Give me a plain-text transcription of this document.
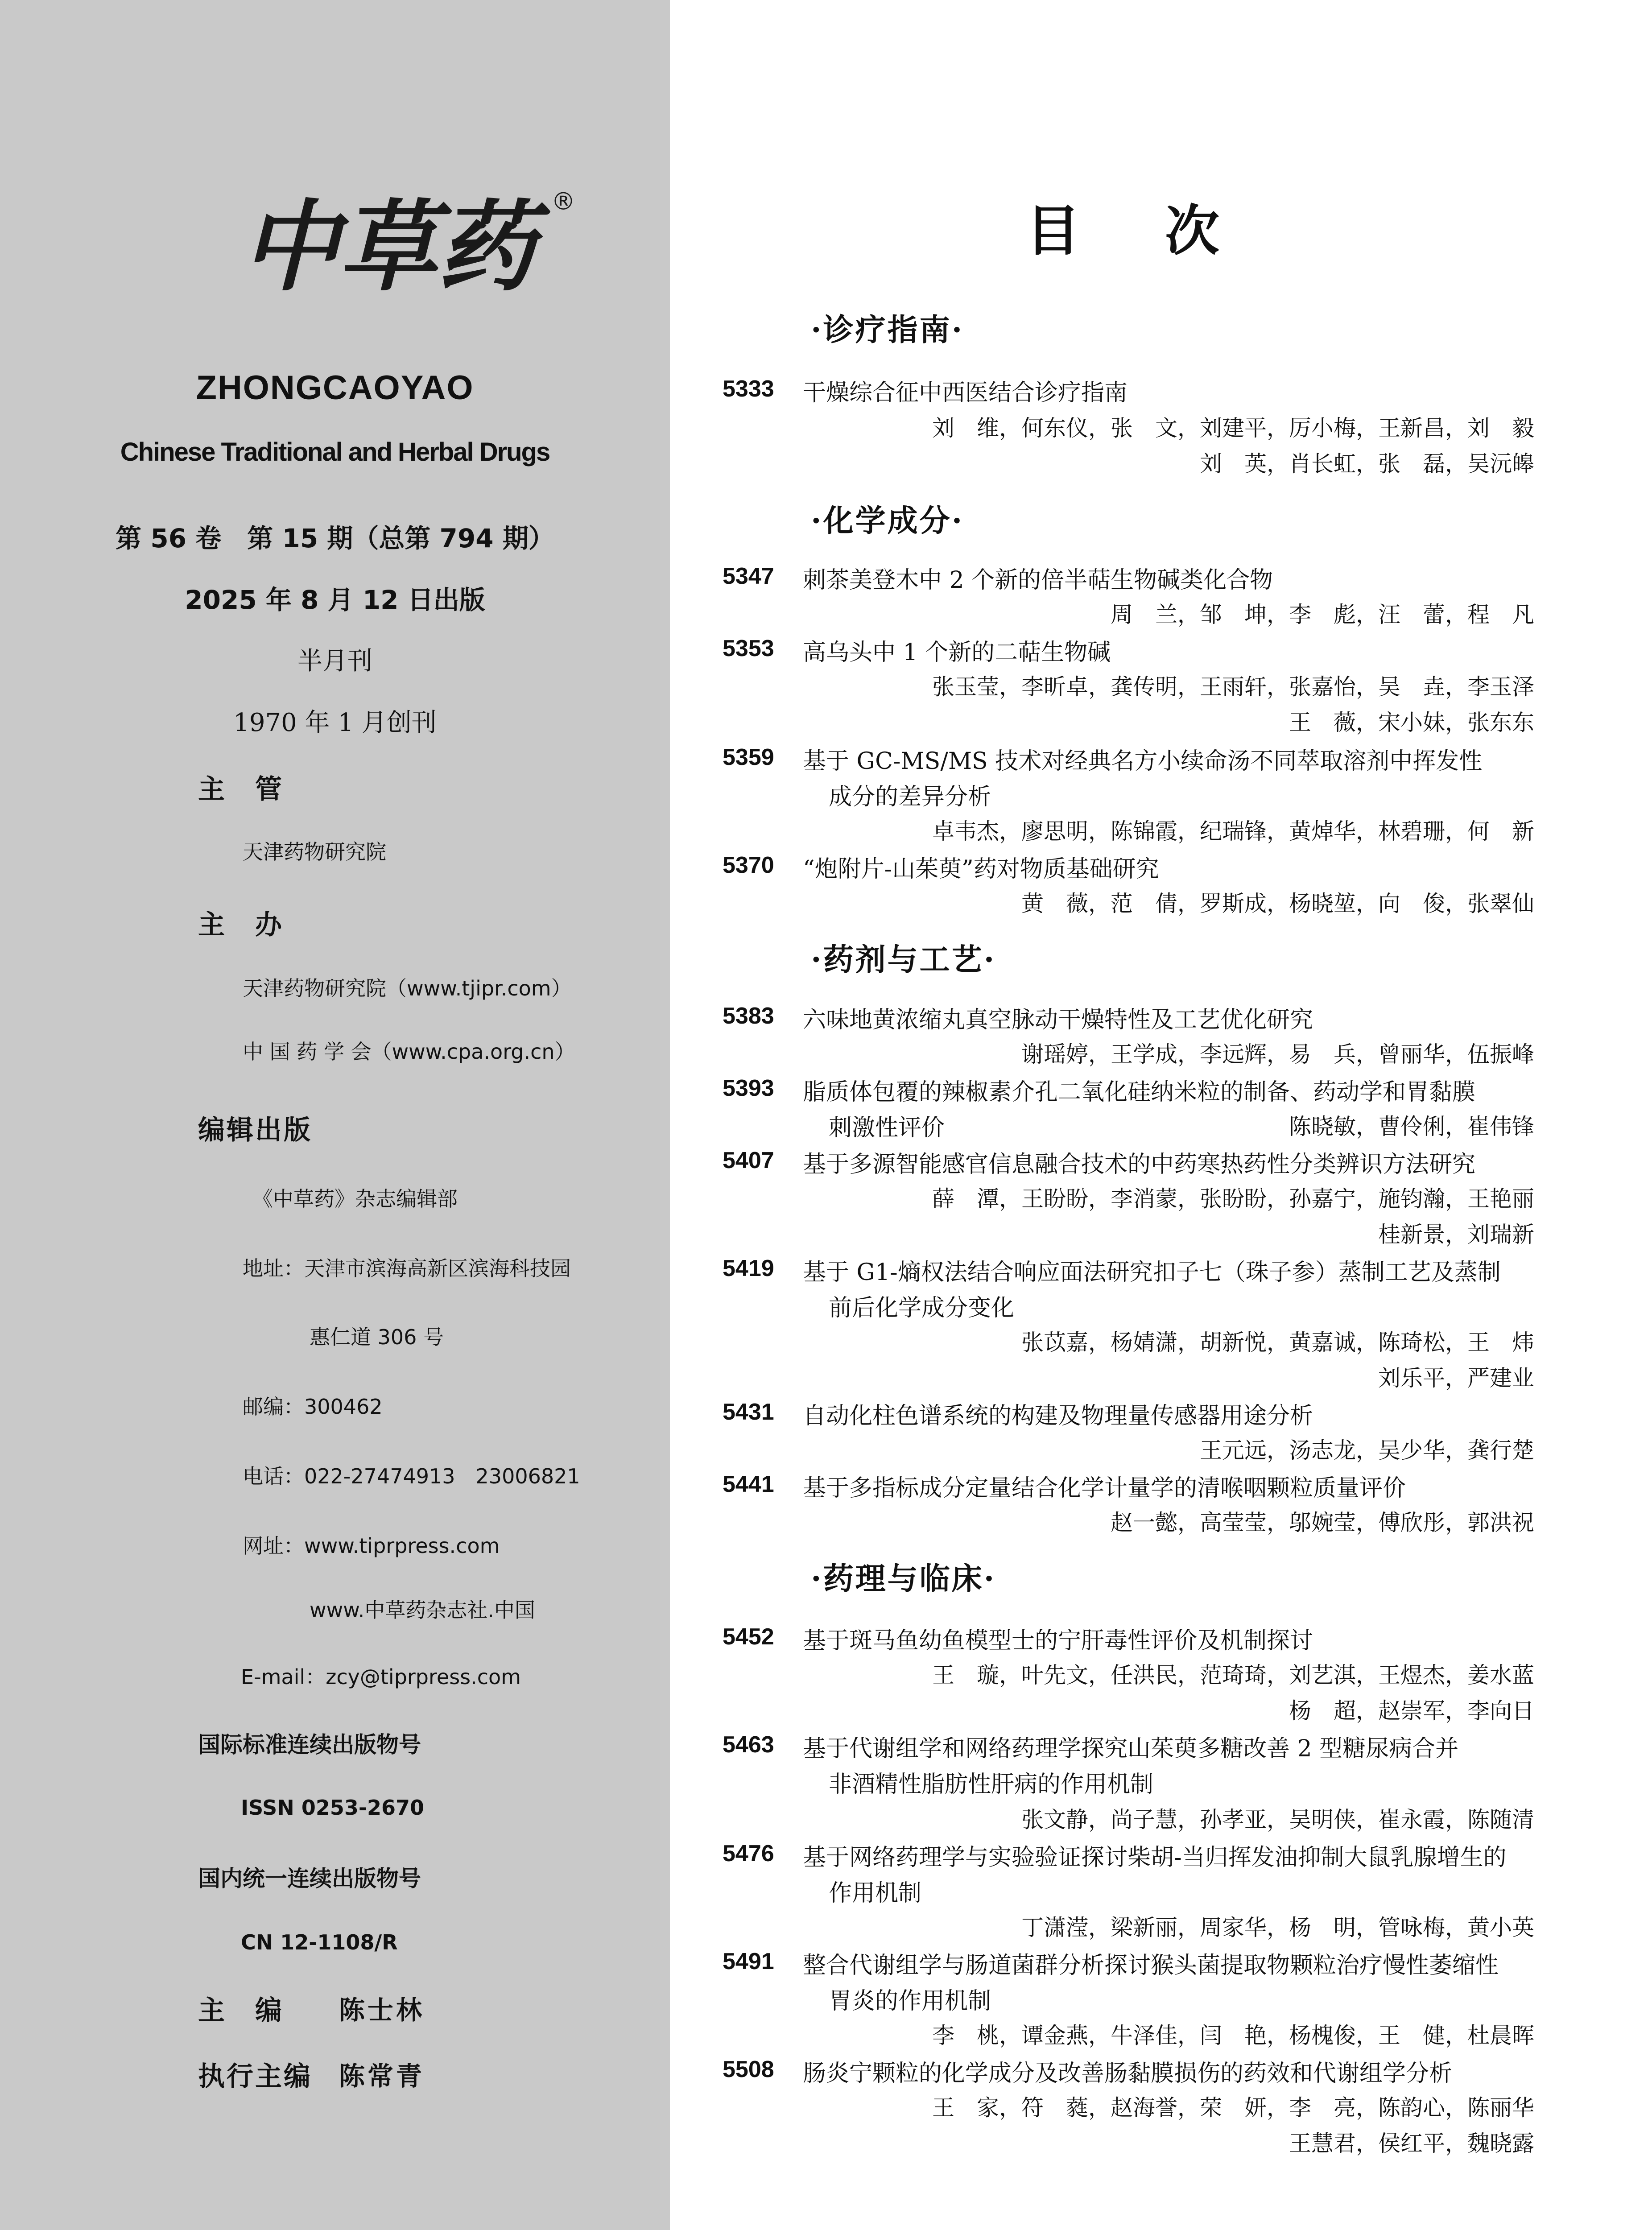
中草药 ®
ZHONGCAOYAO
Chinese Traditional and Herbal Drugs
第 56 卷　第 15 期（总第 794 期）
2025 年 8 月 12 日出版
半月刊
1970 年 1 月创刊
主　管
天津药物研究院
主　办
天津药物研究院（www.tjipr.com）
中 国 药 学 会（www.cpa.org.cn）
编辑出版
《中草药》杂志编辑部
地址：天津市滨海高新区滨海科技园
惠仁道 306 号
邮编：300462
电话：022-27474913　23006821
网址：www.tiprpress.com
www.中草药杂志社.中国
E-mail：zcy@tiprpress.com
国际标准连续出版物号
ISSN 0253-2670
国内统一连续出版物号
CN 12-1108/R
主　编 陈士林
执行主编 陈常青
目 次
·诊疗指南·
5333 干燥综合征中西医结合诊疗指南
刘　维，何东仪，张　文，刘建平，厉小梅，王新昌，刘　毅
刘　英，肖长虹，张　磊，吴沅皞
·化学成分·
5347 刺茶美登木中 2 个新的倍半萜生物碱类化合物
周　兰，邹　坤，李　彪，汪　蕾，程　凡
5353 高乌头中 1 个新的二萜生物碱
张玉莹，李昕卓，龚传明，王雨轩，张嘉怡，吴　垚，李玉泽
王　薇，宋小妹，张东东
5359 基于 GC-MS/MS 技术对经典名方小续命汤不同萃取溶剂中挥发性
成分的差异分析
卓韦杰，廖思明，陈锦霞，纪瑞锋，黄焯华，林碧珊，何　新
5370 “炮附片-山茱萸”药对物质基础研究
黄　薇，范　倩，罗斯成，杨晓堃，向　俊，张翠仙
·药剂与工艺·
5383 六味地黄浓缩丸真空脉动干燥特性及工艺优化研究
谢瑶婷，王学成，李远辉，易　兵，曾丽华，伍振峰
5393 脂质体包覆的辣椒素介孔二氧化硅纳米粒的制备、药动学和胃黏膜
刺激性评价	陈晓敏，曹伶俐，崔伟锋
5407 基于多源智能感官信息融合技术的中药寒热药性分类辨识方法研究
薛　潭，王盼盼，李消蒙，张盼盼，孙嘉宁，施钧瀚，王艳丽
桂新景，刘瑞新
5419 基于 G1-熵权法结合响应面法研究扣子七（珠子参）蒸制工艺及蒸制
前后化学成分变化
张苡嘉，杨婧潇，胡新悦，黄嘉诚，陈琦松，王　炜
刘乐平，严建业
5431 自动化柱色谱系统的构建及物理量传感器用途分析
王元远，汤志龙，吴少华，龚行楚
5441 基于多指标成分定量结合化学计量学的清喉咽颗粒质量评价
赵一懿，高莹莹，邬婉莹，傅欣彤，郭洪祝
·药理与临床·
5452 基于斑马鱼幼鱼模型士的宁肝毒性评价及机制探讨
王　璇，叶先文，任洪民，范琦琦，刘艺淇，王煜杰，姜水蓝
杨　超，赵崇军，李向日
5463 基于代谢组学和网络药理学探究山茱萸多糖改善 2 型糖尿病合并
非酒精性脂肪性肝病的作用机制
张文静，尚子慧，孙孝亚，吴明侠，崔永霞，陈随清
5476 基于网络药理学与实验验证探讨柴胡-当归挥发油抑制大鼠乳腺增生的
作用机制
丁潇滢，梁新丽，周家华，杨　明，管咏梅，黄小英
5491 整合代谢组学与肠道菌群分析探讨猴头菌提取物颗粒治疗慢性萎缩性
胃炎的作用机制
李　桃，谭金燕，牛泽佳，闫　艳，杨槐俊，王　健，杜晨晖
5508 肠炎宁颗粒的化学成分及改善肠黏膜损伤的药效和代谢组学分析
王　家，符　蕤，赵海誉，荣　妍，李　亮，陈韵心，陈丽华
王慧君，侯红平，魏晓露
